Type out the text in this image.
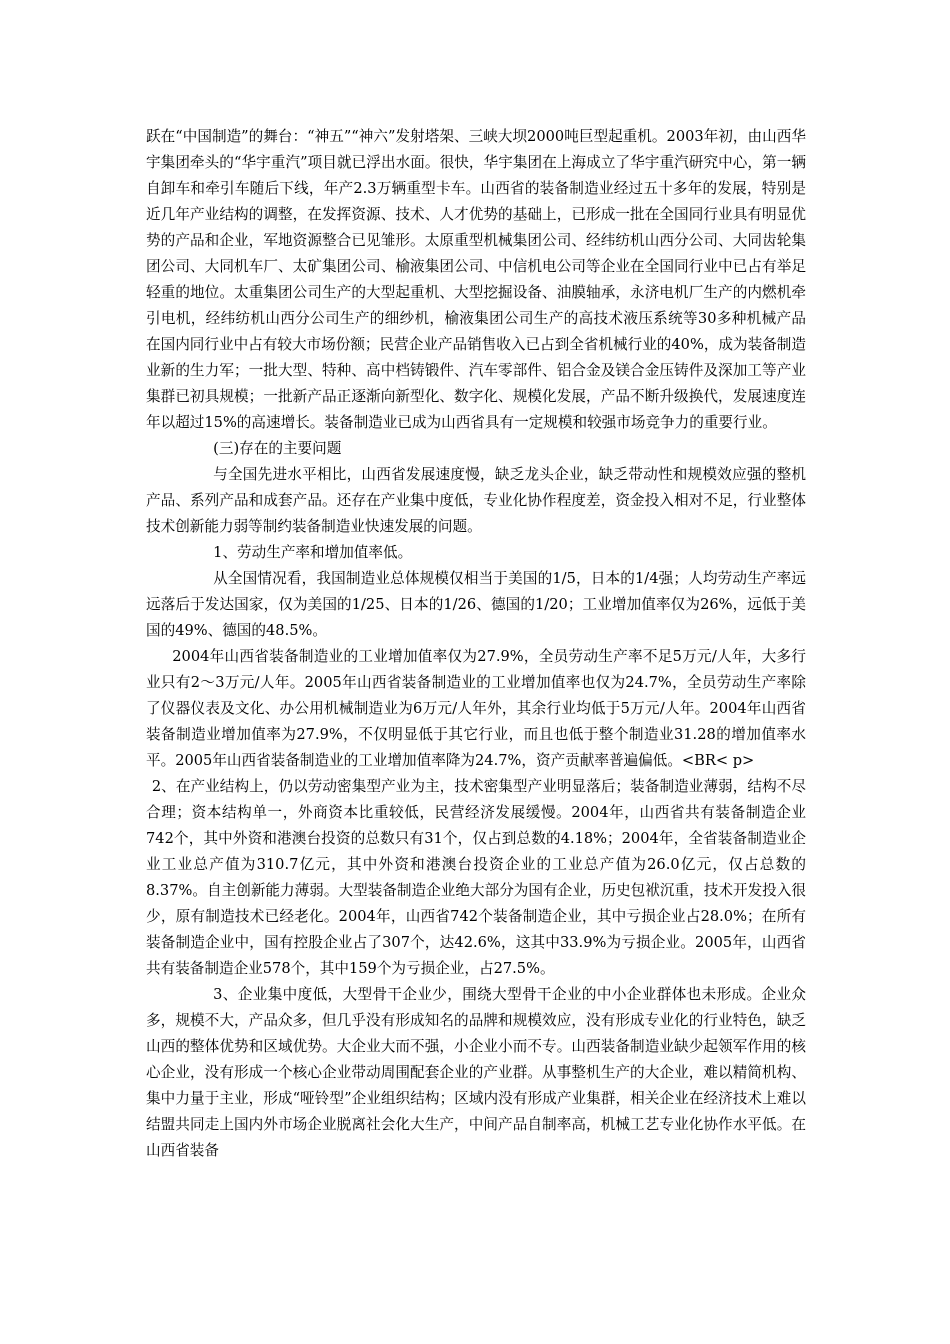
跃在“中国制造”的舞台：“神五”“神六”发射塔架、三峡大坝2000吨巨型起重机。2003年初，由山西华宇集团牵头的“华宇重汽”项目就已浮出水面。很快，华宇集团在上海成立了华宇重汽研究中心，第一辆自卸车和牵引车随后下线，年产2.3万辆重型卡车。山西省的装备制造业经过五十多年的发展，特别是近几年产业结构的调整，在发挥资源、技术、人才优势的基础上，已形成一批在全国同行业具有明显优势的产品和企业，军地资源整合已见雏形。太原重型机械集团公司、经纬纺机山西分公司、大同齿轮集团公司、大同机车厂、太矿集团公司、榆液集团公司、中信机电公司等企业在全国同行业中已占有举足轻重的地位。太重集团公司生产的大型起重机、大型挖掘设备、油膜轴承，永济电机厂生产的内燃机牵引电机，经纬纺机山西分公司生产的细纱机，榆液集团公司生产的高技术液压系统等30多种机械产品在国内同行业中占有较大市场份额；民营企业产品销售收入已占到全省机械行业的40%，成为装备制造业新的生力军；一批大型、特种、高中档铸锻件、汽车零部件、铝合金及镁合金压铸件及深加工等产业集群已初具规模；一批新产品正逐渐向新型化、数字化、规模化发展，产品不断升级换代，发展速度连年以超过15%的高速增长。装备制造业已成为山西省具有一定规模和较强市场竞争力的重要行业。

(三)存在的主要问题

与全国先进水平相比，山西省发展速度慢，缺乏龙头企业，缺乏带动性和规模效应强的整机产品、系列产品和成套产品。还存在产业集中度低，专业化协作程度差，资金投入相对不足，行业整体技术创新能力弱等制约装备制造业快速发展的问题。

1、劳动生产率和增加值率低。

从全国情况看，我国制造业总体规模仅相当于美国的1/5，日本的1/4强；人均劳动生产率远远落后于发达国家，仅为美国的1/25、日本的1/26、德国的1/20；工业增加值率仅为26%，远低于美国的49%、德国的48.5%。

2004年山西省装备制造业的工业增加值率仅为27.9%，全员劳动生产率不足5万元/人年，大多行业只有2～3万元/人年。2005年山西省装备制造业的工业增加值率也仅为24.7%，全员劳动生产率除了仪器仪表及文化、办公用机械制造业为6万元/人年外，其余行业均低于5万元/人年。2004年山西省装备制造业增加值率为27.9%，不仅明显低于其它行业，而且也低于整个制造业31.28的增加值率水平。2005年山西省装备制造业的工业增加值率降为24.7%，资产贡献率普遍偏低。<BR< p>

2、在产业结构上，仍以劳动密集型产业为主，技术密集型产业明显落后；装备制造业薄弱，结构不尽合理；资本结构单一，外商资本比重较低，民营经济发展缓慢。2004年，山西省共有装备制造企业742个，其中外资和港澳台投资的总数只有31个，仅占到总数的4.18%；2004年，全省装备制造业企业工业总产值为310.7亿元，其中外资和港澳台投资企业的工业总产值为26.0亿元，仅占总数的8.37%。自主创新能力薄弱。大型装备制造企业绝大部分为国有企业，历史包袱沉重，技术开发投入很少，原有制造技术已经老化。2004年，山西省742个装备制造企业，其中亏损企业占28.0%；在所有装备制造企业中，国有控股企业占了307个，达42.6%，这其中33.9%为亏损企业。2005年，山西省共有装备制造企业578个，其中159个为亏损企业，占27.5%。

3、企业集中度低，大型骨干企业少，围绕大型骨干企业的中小企业群体也未形成。企业众多，规模不大，产品众多，但几乎没有形成知名的品牌和规模效应，没有形成专业化的行业特色，缺乏山西的整体优势和区域优势。大企业大而不强，小企业小而不专。山西装备制造业缺少起领军作用的核心企业，没有形成一个核心企业带动周围配套企业的产业群。从事整机生产的大企业，难以精简机构、集中力量于主业，形成“哑铃型”企业组织结构；区域内没有形成产业集群，相关企业在经济技术上难以结盟共同走上国内外市场企业脱离社会化大生产，中间产品自制率高，机械工艺专业化协作水平低。在山西省装备
